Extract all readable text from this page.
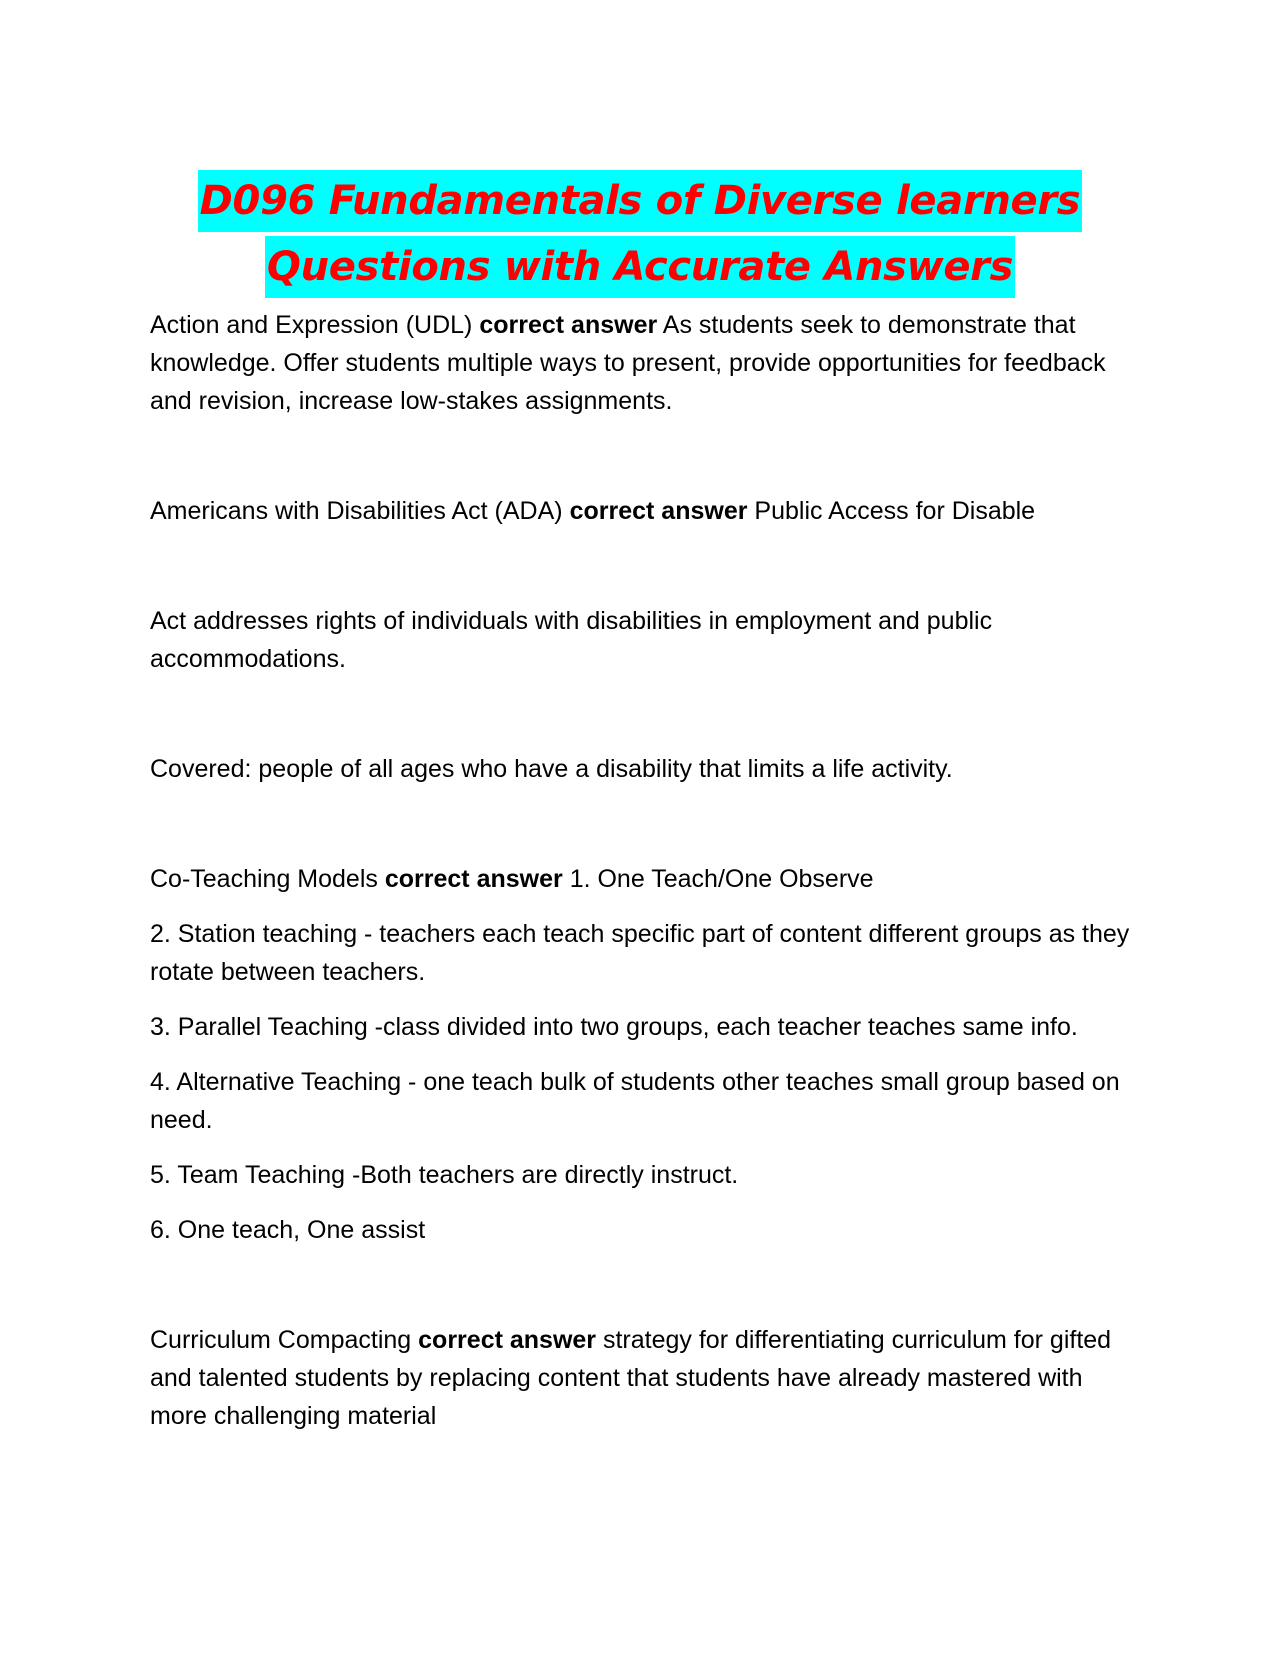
D096 Fundamentals of Diverse learners
Questions with Accurate Answers

Action and Expression (UDL) correct answer As students seek to demonstrate that knowledge. Offer students multiple ways to present, provide opportunities for feedback and revision, increase low-stakes assignments.

Americans with Disabilities Act (ADA) correct answer Public Access for Disable

Act addresses rights of individuals with disabilities in employment and public accommodations.

Covered: people of all ages who have a disability that limits a life activity.

Co-Teaching Models correct answer 1. One Teach/One Observe

2. Station teaching - teachers each teach specific part of content different groups as they rotate between teachers.

3. Parallel Teaching -class divided into two groups, each teacher teaches same info.

4. Alternative Teaching - one teach bulk of students other teaches small group based on need.

5. Team Teaching -Both teachers are directly instruct.

6. One teach, One assist

Curriculum Compacting correct answer strategy for differentiating curriculum for gifted and talented students by replacing content that students have already mastered with more challenging material
